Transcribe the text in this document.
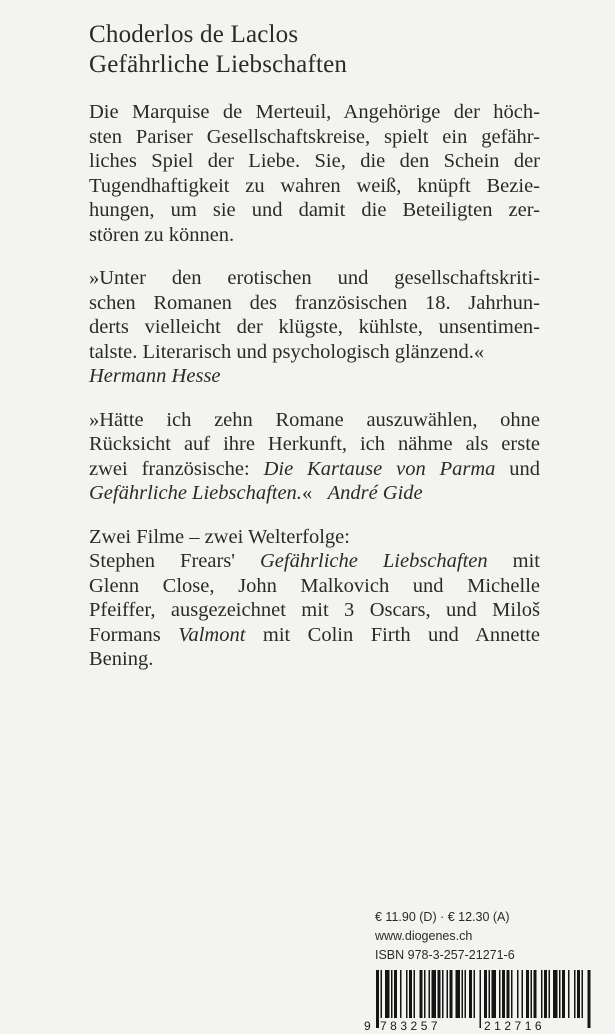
Choderlos de Laclos
Gefährliche Liebschaften
Die Marquise de Merteuil, Angehörige der höch-
sten Pariser Gesellschaftskreise, spielt ein gefähr-
liches Spiel der Liebe. Sie, die den Schein der
Tugendhaftigkeit zu wahren weiß, knüpft Bezie-
hungen, um sie und damit die Beteiligten zer-
stören zu können.
»Unter den erotischen und gesellschaftskriti-
schen Romanen des französischen 18. Jahrhun-
derts vielleicht der klügste, kühlste, unsentimen-
talste. Literarisch und psychologisch glänzend.«
Hermann Hesse
»Hätte ich zehn Romane auszuwählen, ohne
Rücksicht auf ihre Herkunft, ich nähme als erste
zwei französische: Die Kartause von Parma und
Gefährliche Liebschaften.«   André Gide
Zwei Filme – zwei Welterfolge:
Stephen Frears' Gefährliche Liebschaften mit
Glenn Close, John Malkovich und Michelle
Pfeiffer, ausgezeichnet mit 3 Oscars, und Miloš
Formans Valmont mit Colin Firth und Annette
Bening.
€ 11.90 (D) · € 12.30 (A)
www.diogenes.ch
ISBN 978-3-257-21271-6
9 783257	212716
